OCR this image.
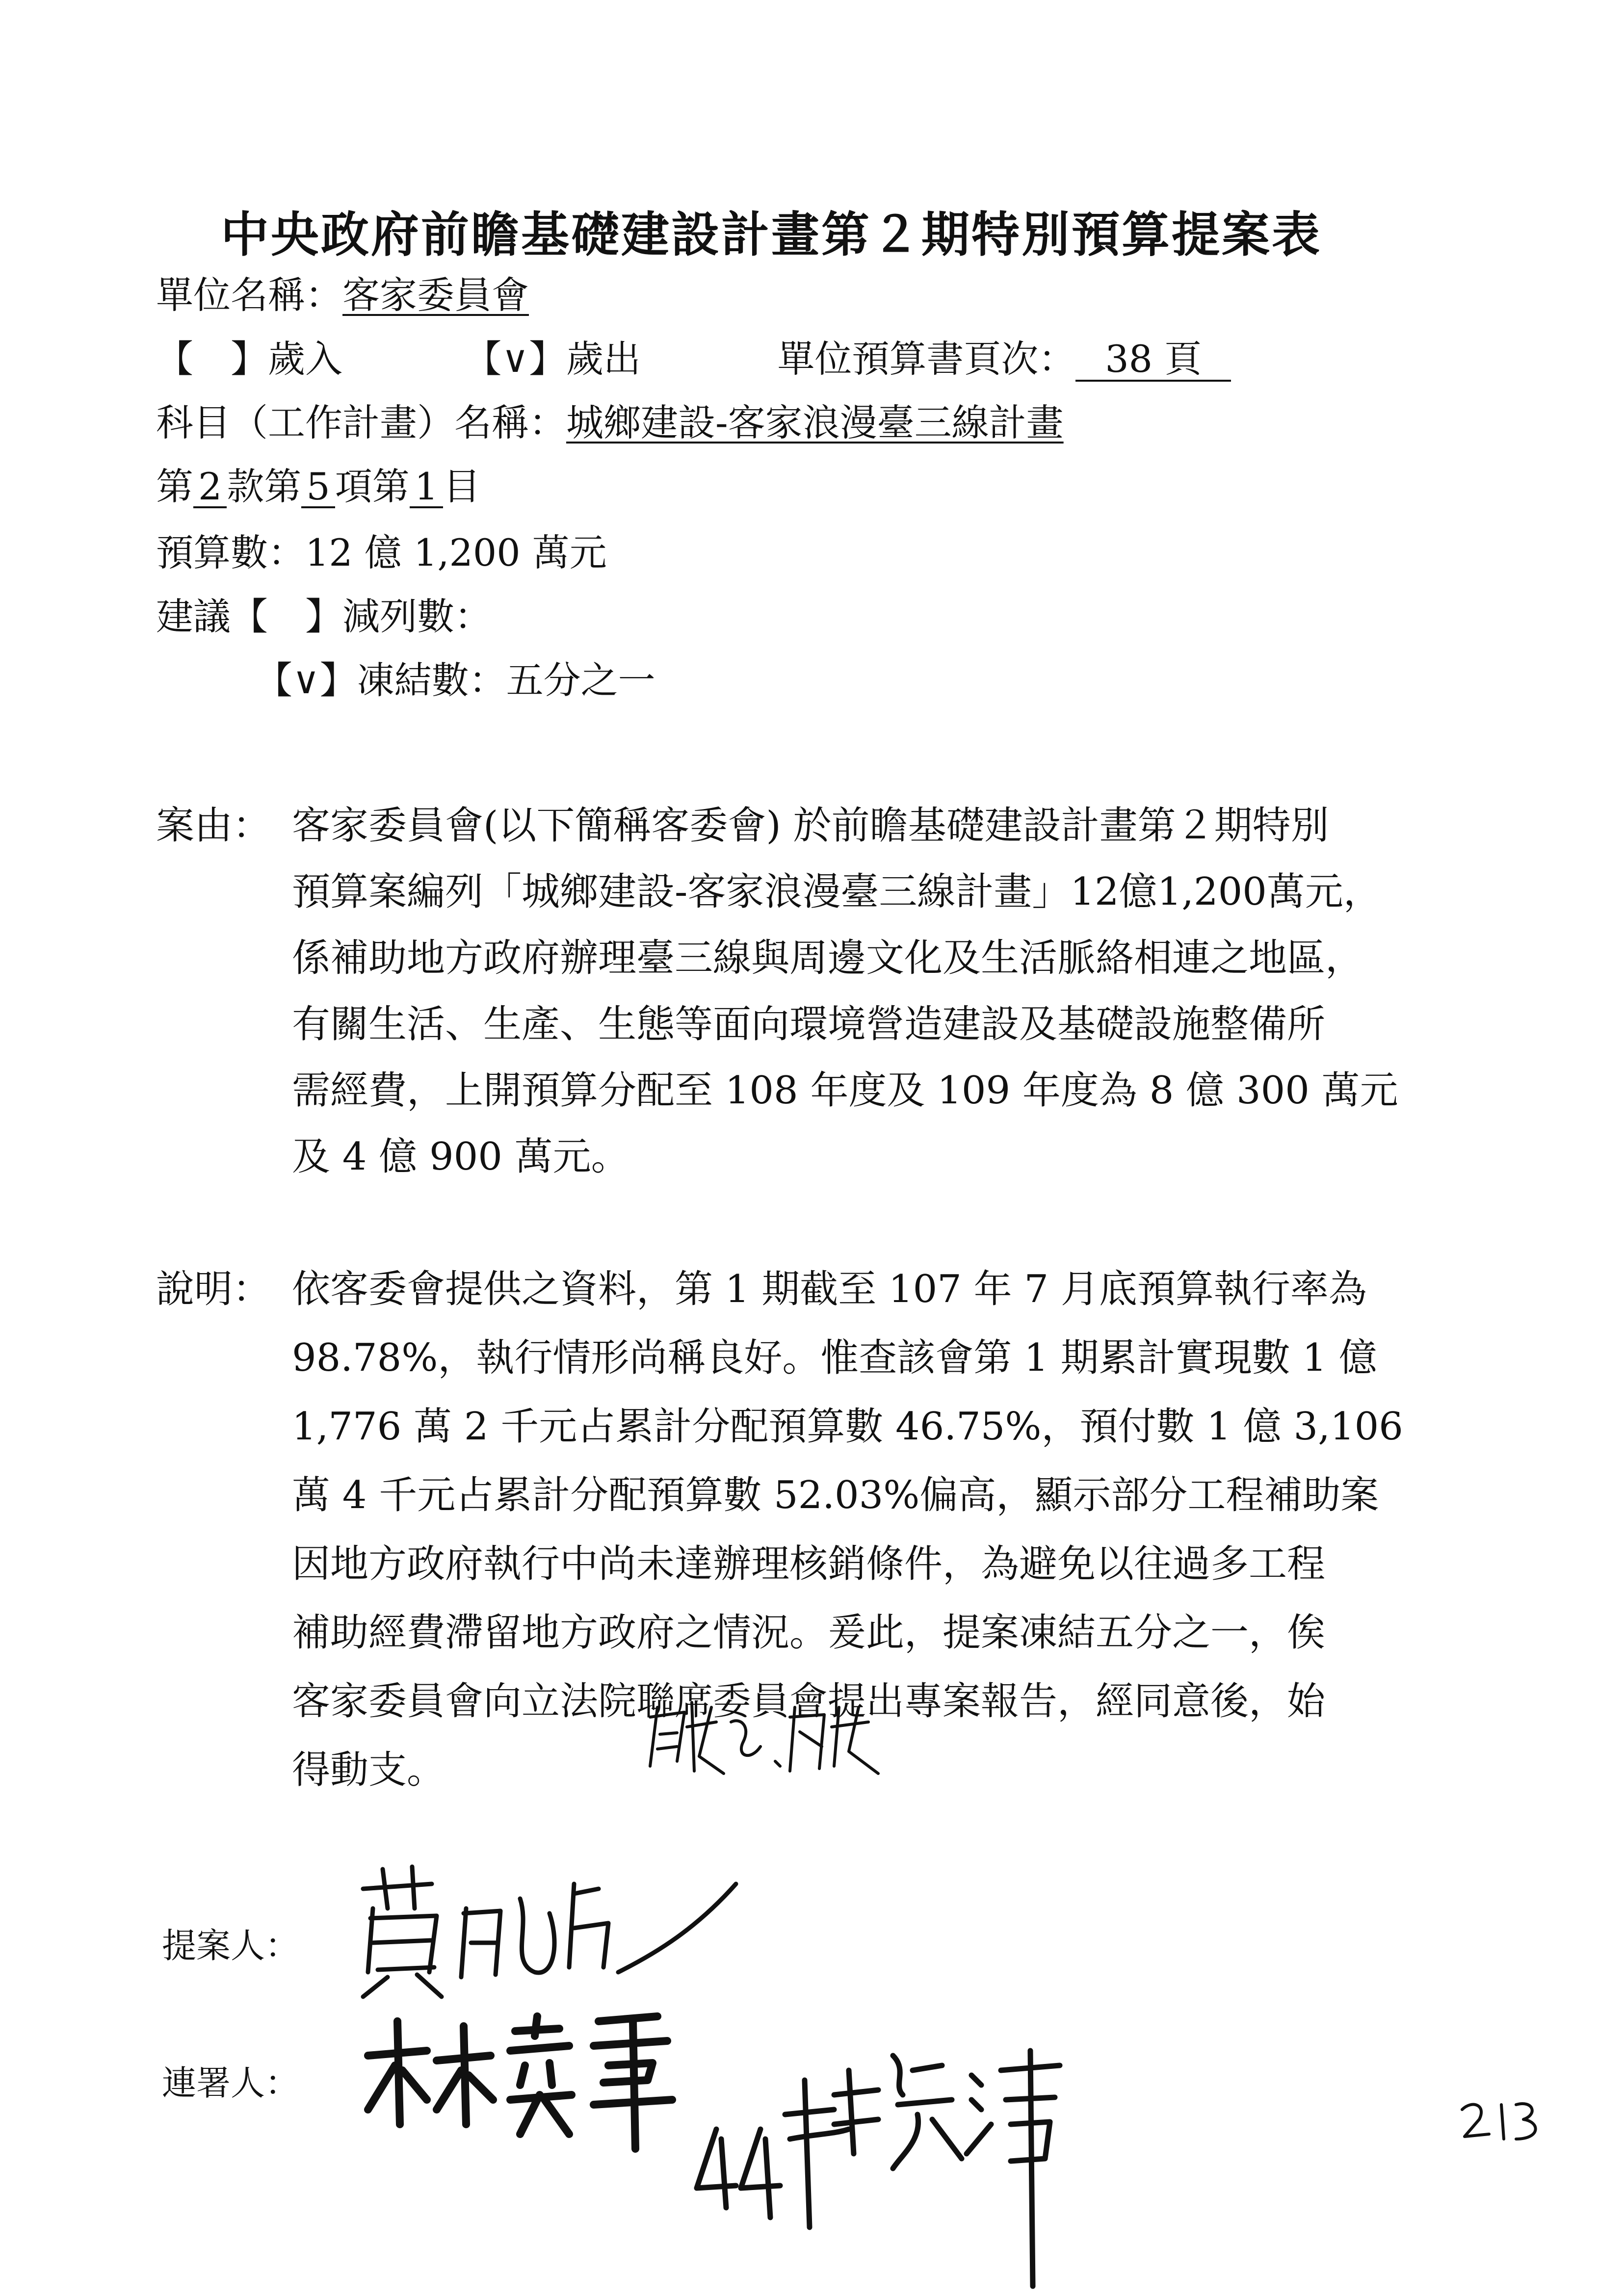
中央政府前瞻基礎建設計畫第２期特別預算提案表
單位名稱：客家委員會
【　】歲入	【∨】歲出	單位預算書頁次： 38 頁
科目（工作計畫）名稱：城鄉建設-客家浪漫臺三線計畫
第 2 款第 5 項第 1 目
預算數：12 億 1,200 萬元
建議【　】減列數：
【∨】凍結數：五分之一
案由： 客家委員會(以下簡稱客委會) 於前瞻基礎建設計畫第２期特別
預算案編列「城鄉建設-客家浪漫臺三線計畫」12億1,200萬元，
係補助地方政府辦理臺三線與周邊文化及生活脈絡相連之地區，
有關生活、生產、生態等面向環境營造建設及基礎設施整備所
需經費，上開預算分配至 108 年度及 109 年度為 8 億 300 萬元
及 4 億 900 萬元。
說明： 依客委會提供之資料，第 1 期截至 107 年 7 月底預算執行率為
98.78%，執行情形尚稱良好。惟查該會第 1 期累計實現數 1 億
1,776 萬 2 千元占累計分配預算數 46.75%，預付數 1 億 3,106
萬 4 千元占累計分配預算數 52.03%偏高，顯示部分工程補助案
因地方政府執行中尚未達辦理核銷條件，為避免以往過多工程
補助經費滯留地方政府之情況。爰此，提案凍結五分之一，俟
客家委員會向立法院聯席委員會提出專案報告，經同意後，始
得動支。
提案人：
連署人：
